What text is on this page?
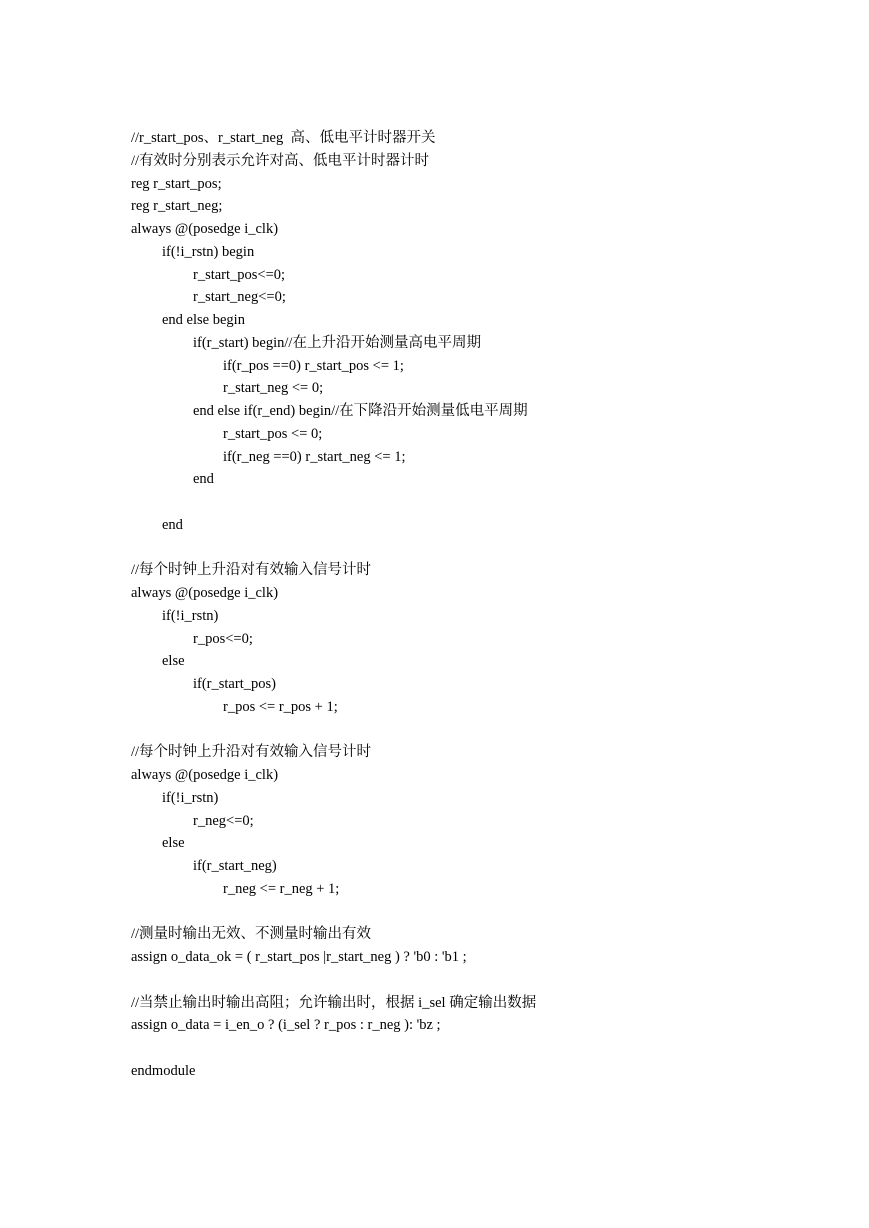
//r_start_pos、r_start_neg  高、低电平计时器开关
//有效时分别表示允许对高、低电平计时器计时
reg r_start_pos;
reg r_start_neg;
always @(posedge i_clk)
if(!i_rstn) begin
r_start_pos<=0;
r_start_neg<=0;
end else begin
if(r_start) begin//在上升沿开始测量高电平周期
if(r_pos ==0) r_start_pos <= 1;
r_start_neg <= 0;
end else if(r_end) begin//在下降沿开始测量低电平周期
r_start_pos <= 0;
if(r_neg ==0) r_start_neg <= 1;
end
end
//每个时钟上升沿对有效输入信号计时
always @(posedge i_clk)
if(!i_rstn)
r_pos<=0;
else
if(r_start_pos)
r_pos <= r_pos + 1;
//每个时钟上升沿对有效输入信号计时
always @(posedge i_clk)
if(!i_rstn)
r_neg<=0;
else
if(r_start_neg)
r_neg <= r_neg + 1;
//测量时输出无效、不测量时输出有效
assign o_data_ok = ( r_start_pos |r_start_neg ) ? 'b0 : 'b1 ;
//当禁止输出时输出高阻；允许输出时，根据 i_sel 确定输出数据
assign o_data = i_en_o ? (i_sel ? r_pos : r_neg ): 'bz ;
endmodule
